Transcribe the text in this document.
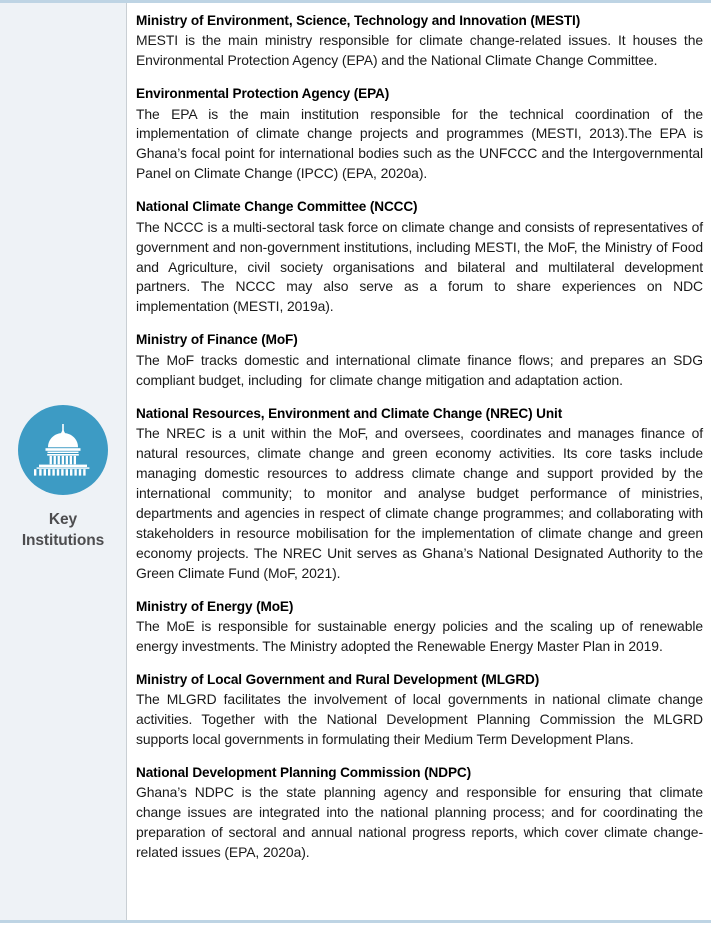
Key
Institutions
Ministry of Environment, Science, Technology and Innovation (MESTI)

MESTI is the main ministry responsible for climate change-related issues. It houses the Environmental Protection Agency (EPA) and the National Climate Change Committee.

Environmental Protection Agency (EPA)

The EPA is the main institution responsible for the technical coordination of the implementation of climate change projects and programmes (MESTI, 2013).The EPA is Ghana’s focal point for international bodies such as the UNFCCC and the Intergovernmental Panel on Climate Change (IPCC) (EPA, 2020a).

National Climate Change Committee (NCCC)

The NCCC is a multi-sectoral task force on climate change and consists of representatives of government and non-government institutions, including MESTI, the MoF, the Ministry of Food and Agriculture, civil society organisations and bilateral and multilateral development partners. The NCCC may also serve as a forum to share experiences on NDC implementation (MESTI, 2019a).

Ministry of Finance (MoF)

The MoF tracks domestic and international climate finance flows; and prepares an SDG compliant budget, including  for climate change mitigation and adaptation action.

National Resources, Environment and Climate Change (NREC) Unit

The NREC is a unit within the MoF, and oversees, coordinates and manages finance of natural resources, climate change and green economy activities. Its core tasks include managing domestic resources to address climate change and support provided by the international community; to monitor and analyse budget performance of ministries, departments and agencies in respect of climate change programmes; and collaborating with stakeholders in resource mobilisation for the implementation of climate change and green economy projects. The NREC Unit serves as Ghana’s National Designated Authority to the Green Climate Fund (MoF, 2021).

Ministry of Energy (MoE)

The MoE is responsible for sustainable energy policies and the scaling up of renewable energy investments. The Ministry adopted the Renewable Energy Master Plan in 2019.

Ministry of Local Government and Rural Development (MLGRD)

The MLGRD facilitates the involvement of local governments in national climate change activities. Together with the National Development Planning Commission the MLGRD supports local governments in formulating their Medium Term Development Plans.

National Development Planning Commission (NDPC)

Ghana’s NDPC is the state planning agency and responsible for ensuring that climate change issues are integrated into the national planning process; and for coordinating the preparation of sectoral and annual national progress reports, which cover climate change-related issues (EPA, 2020a).
